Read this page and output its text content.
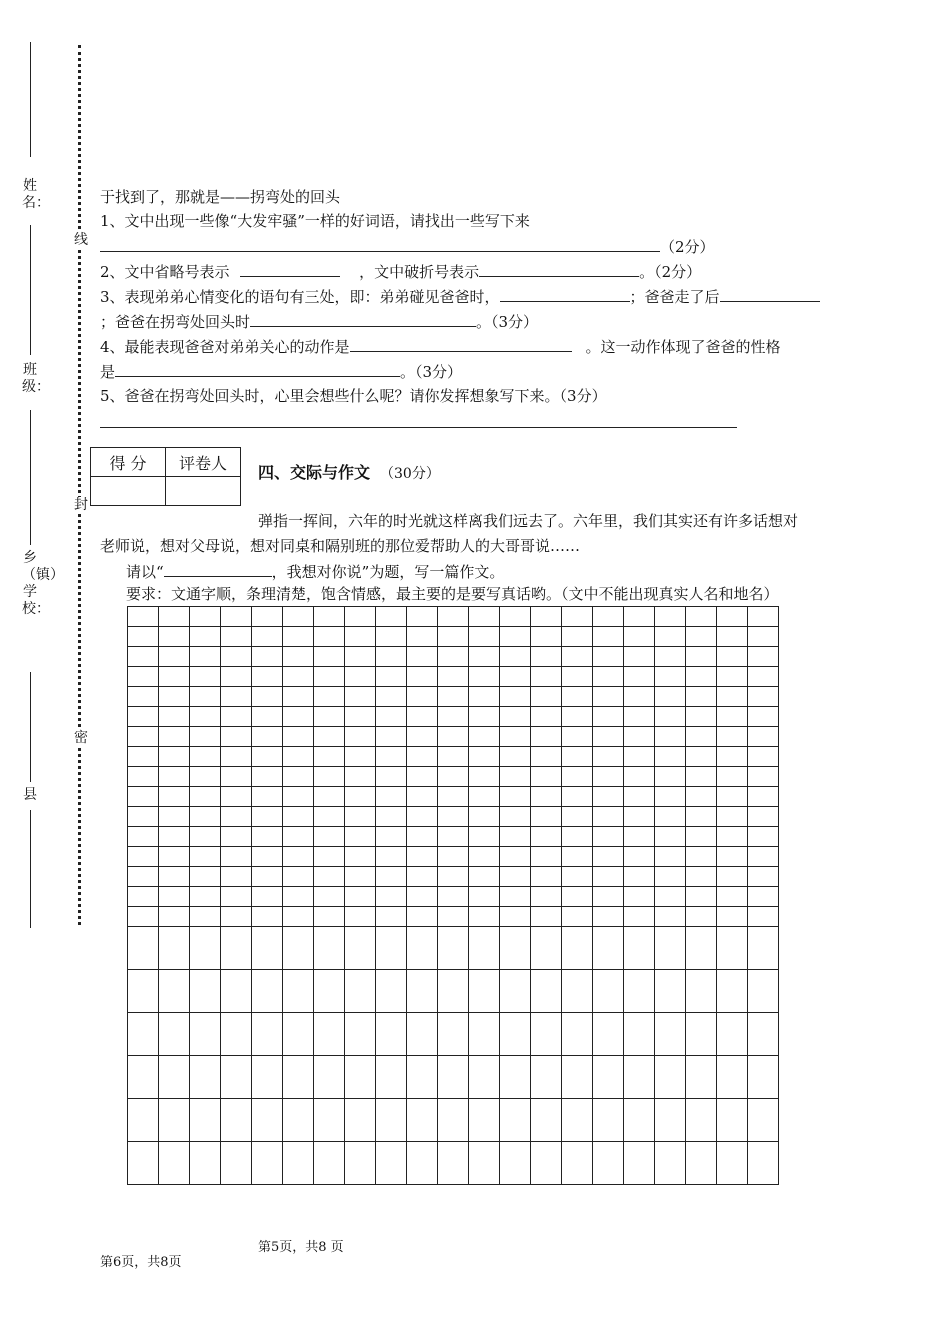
姓名：
班级：
乡（镇）学校：
县
线
封
密
于找到了，那就是——拐弯处的回头
1、文中出现一些像“大发牢骚”一样的好词语，请找出一些写下来
（2分）
2、文中省略号表示	，文中破折号表示	。（2分）
3、表现弟弟心情变化的语句有三处，即：弟弟碰见爸爸时，	；爸爸走了后
；爸爸在拐弯处回头时	。（3分）
4、最能表现爸爸对弟弟关心的动作是	。这一动作体现了爸爸的性格
是	。（3分）
5、爸爸在拐弯处回头时，心里会想些什么呢？请你发挥想象写下来。（3分）
得 分	评卷人
	四、交际与作文 （30分）
弹指一挥间，六年的时光就这样离我们远去了。六年里，我们其实还有许多话想对
老师说，想对父母说，想对同桌和隔别班的那位爱帮助人的大哥哥说……
请以“	，我想对你说”为题，写一篇作文。
要求：文通字顺，条理清楚，饱含情感，最主要的是要写真话哟。（文中不能出现真实人名和地名）

第5页，共8 页
第6页，共8页
